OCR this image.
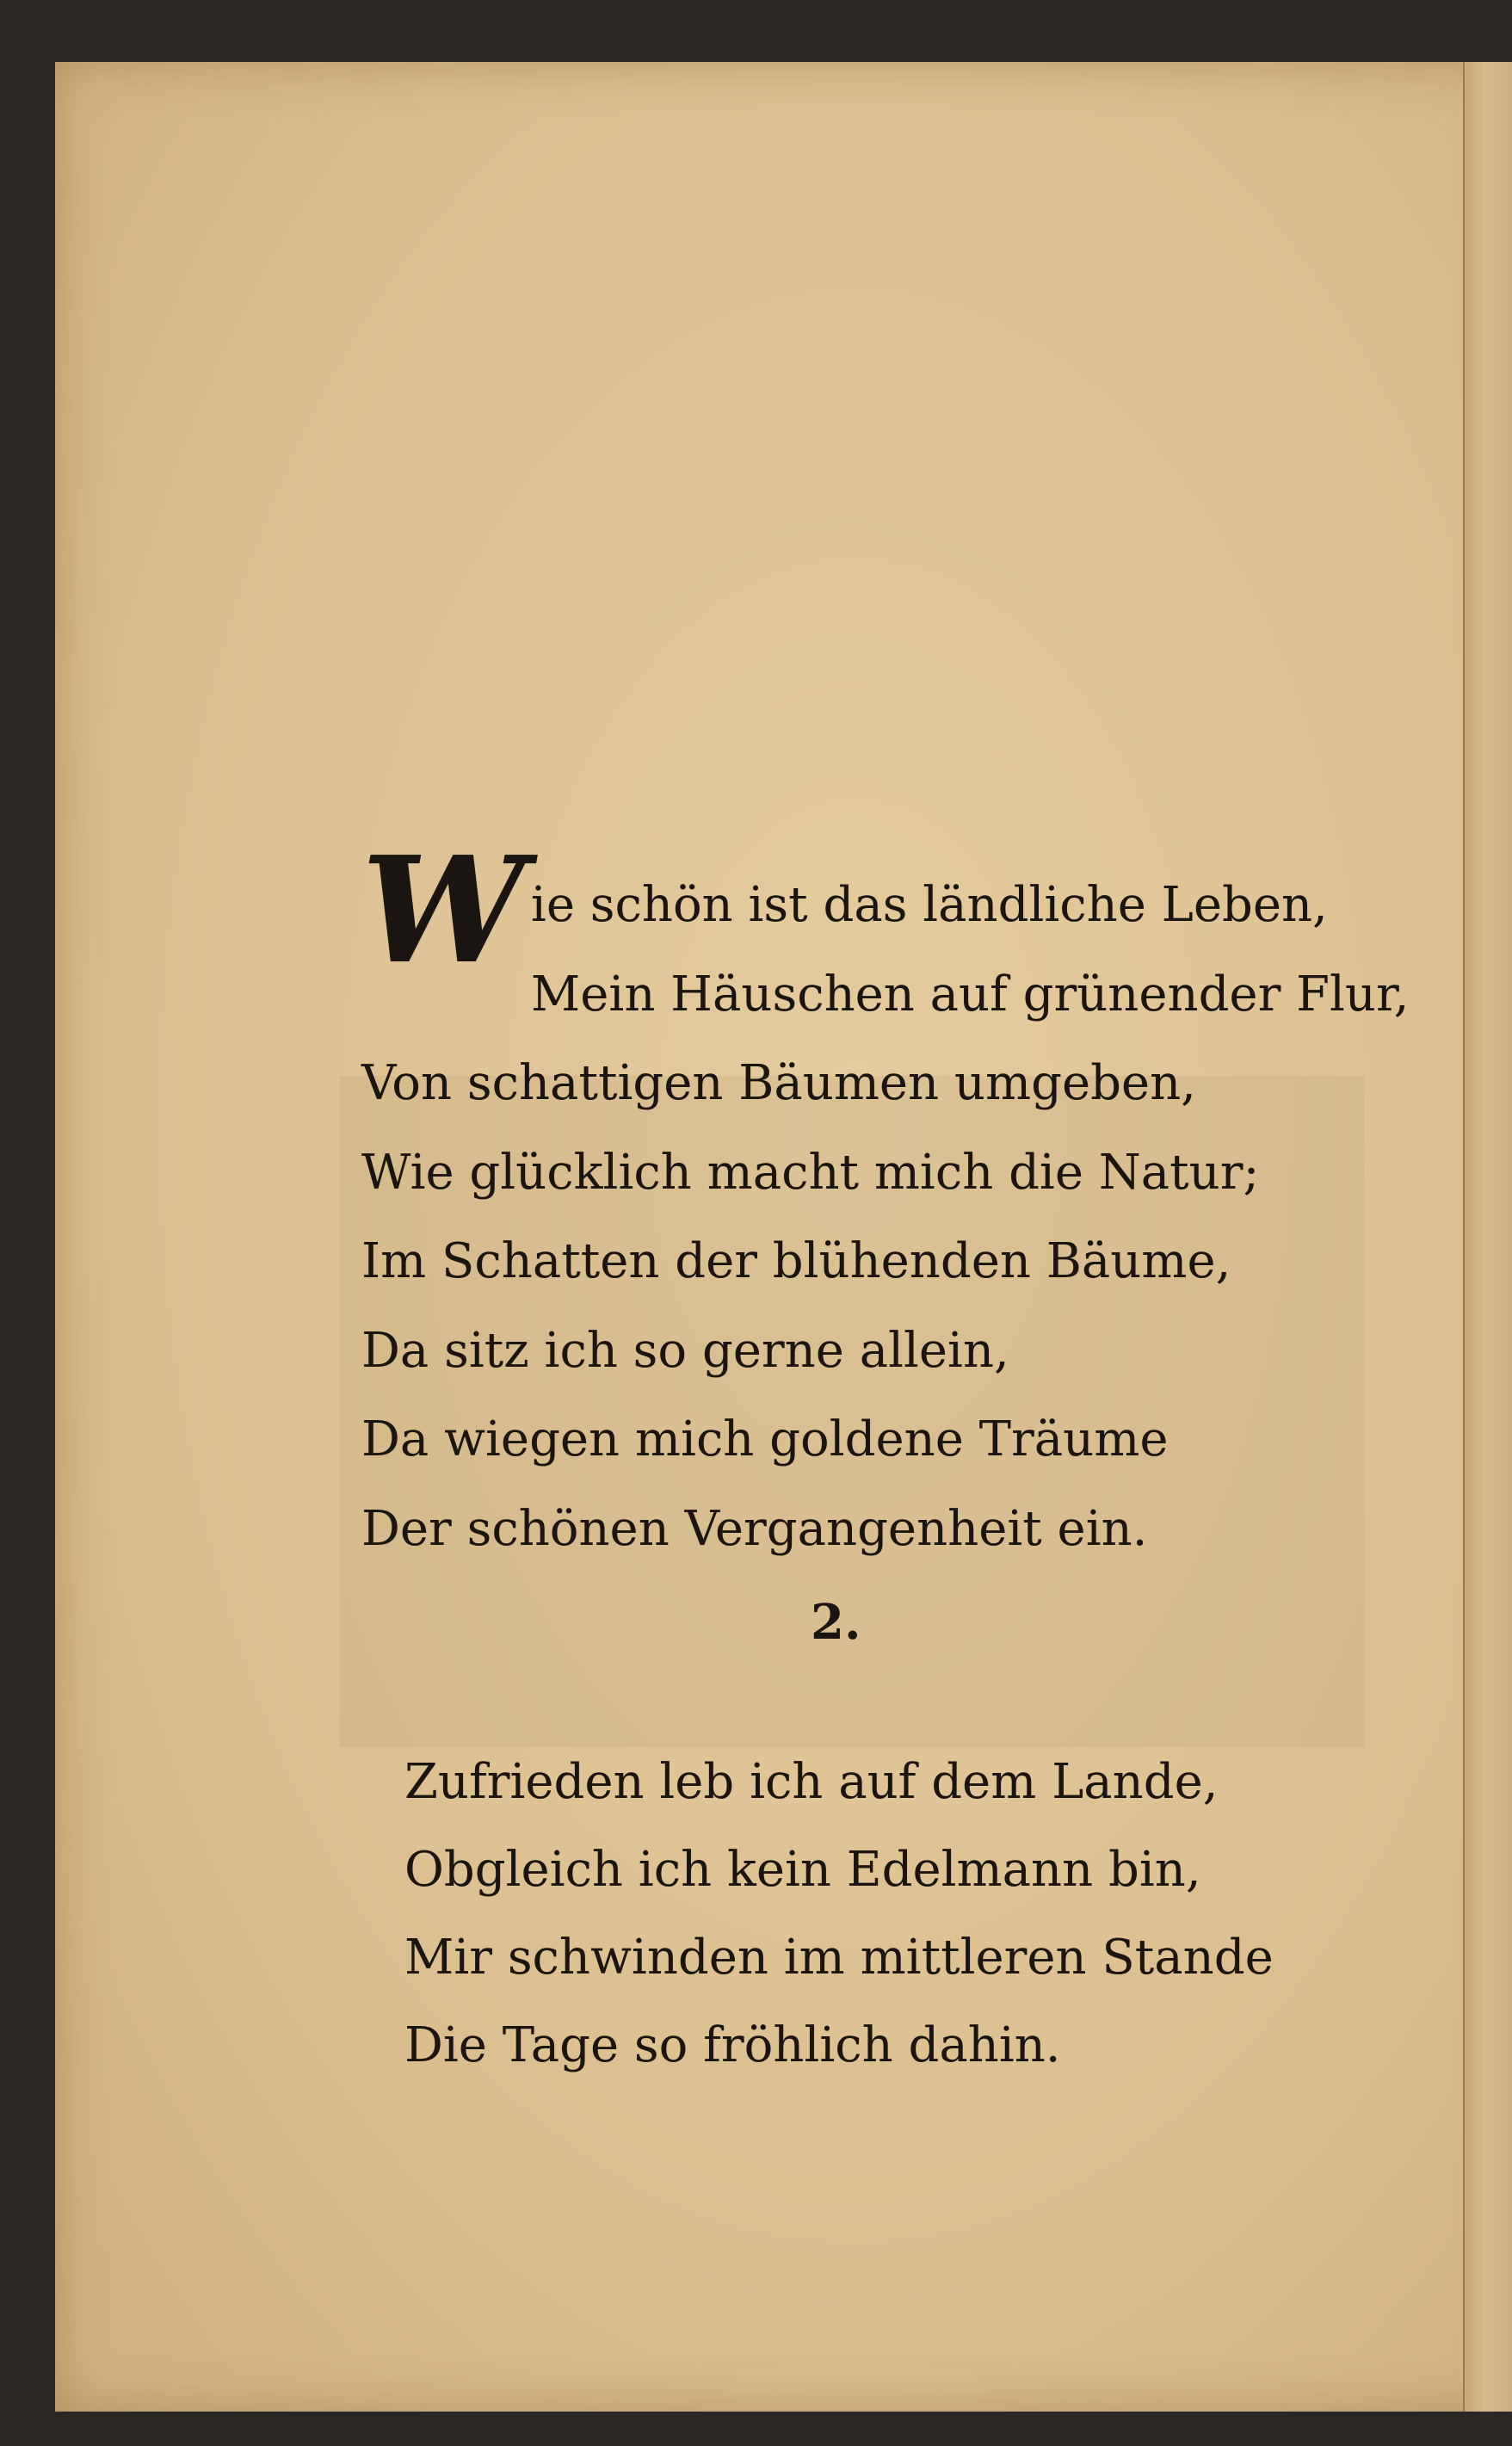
Wie schön ist das ländliche Leben,
Mein Häuschen auf grünender Flur,
Von schattigen Bäumen umgeben,
Wie glücklich macht mich die Natur;
Im Schatten der blühenden Bäume,
Da sitz ich so gerne allein,
Da wiegen mich goldene Träume
Der schönen Vergangenheit ein.
2.
Zufrieden leb ich auf dem Lande,
Obgleich ich kein Edelmann bin,
Mir schwinden im mittleren Stande
Die Tage so fröhlich dahin.
